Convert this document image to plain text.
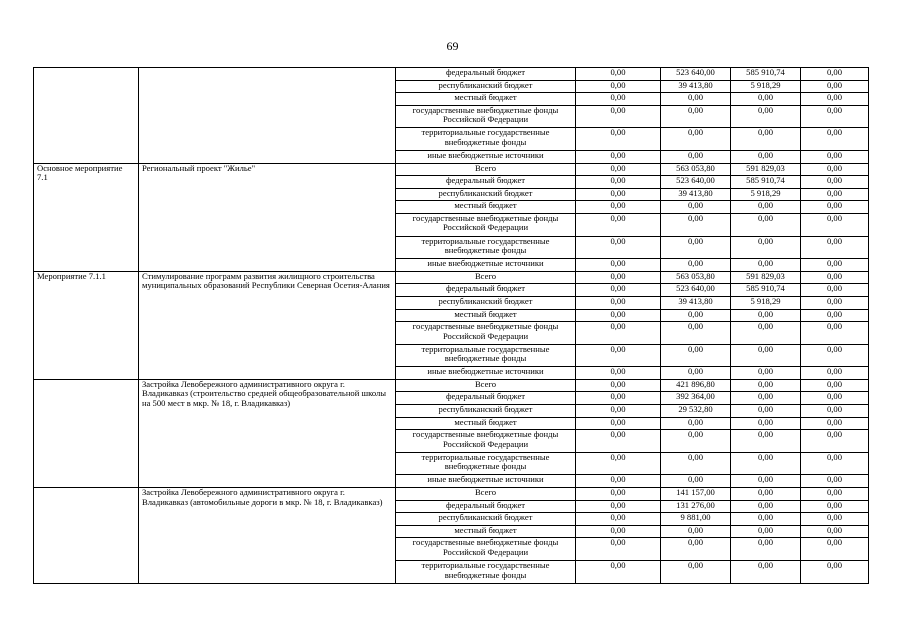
69
		федеральный бюджет	0,00	523 640,00	585 910,74	0,00
		республиканский бюджет	0,00	39 413,80	5 918,29	0,00
		местный бюджет	0,00	0,00	0,00	0,00
		государственные внебюджетные фонды Российской Федерации	0,00	0,00	0,00	0,00
		территориальные государственные внебюджетные фонды	0,00	0,00	0,00	0,00
		иные внебюджетные источники	0,00	0,00	0,00	0,00
Основное мероприятие 7.1	Региональный проект "Жилье"	Всего	0,00	563 053,80	591 829,03	0,00
		федеральный бюджет	0,00	523 640,00	585 910,74	0,00
		республиканский бюджет	0,00	39 413,80	5 918,29	0,00
		местный бюджет	0,00	0,00	0,00	0,00
		государственные внебюджетные фонды Российской Федерации	0,00	0,00	0,00	0,00
		территориальные государственные внебюджетные фонды	0,00	0,00	0,00	0,00
		иные внебюджетные источники	0,00	0,00	0,00	0,00
Мероприятие 7.1.1	Стимулирование программ развития жилищного строительства муниципальных образований Республики Северная Осетия-Алания	Всего	0,00	563 053,80	591 829,03	0,00
		федеральный бюджет	0,00	523 640,00	585 910,74	0,00
		республиканский бюджет	0,00	39 413,80	5 918,29	0,00
		местный бюджет	0,00	0,00	0,00	0,00
		государственные внебюджетные фонды Российской Федерации	0,00	0,00	0,00	0,00
		территориальные государственные внебюджетные фонды	0,00	0,00	0,00	0,00
		иные внебюджетные источники	0,00	0,00	0,00	0,00
	Застройка Левобережного административного округа г. Владикавказ (строительство средней общеобразовательной школы на 500 мест в мкр. № 18, г. Владикавказ)	Всего	0,00	421 896,80	0,00	0,00
		федеральный бюджет	0,00	392 364,00	0,00	0,00
		республиканский бюджет	0,00	29 532,80	0,00	0,00
		местный бюджет	0,00	0,00	0,00	0,00
		государственные внебюджетные фонды Российской Федерации	0,00	0,00	0,00	0,00
		территориальные государственные внебюджетные фонды	0,00	0,00	0,00	0,00
		иные внебюджетные источники	0,00	0,00	0,00	0,00
	Застройка Левобережного административного округа г. Владикавказ (автомобильные дороги в мкр. № 18, г. Владикавказ)	Всего	0,00	141 157,00	0,00	0,00
		федеральный бюджет	0,00	131 276,00	0,00	0,00
		республиканский бюджет	0,00	9 881,00	0,00	0,00
		местный бюджет	0,00	0,00	0,00	0,00
		государственные внебюджетные фонды Российской Федерации	0,00	0,00	0,00	0,00
		территориальные государственные внебюджетные фонды	0,00	0,00	0,00	0,00
